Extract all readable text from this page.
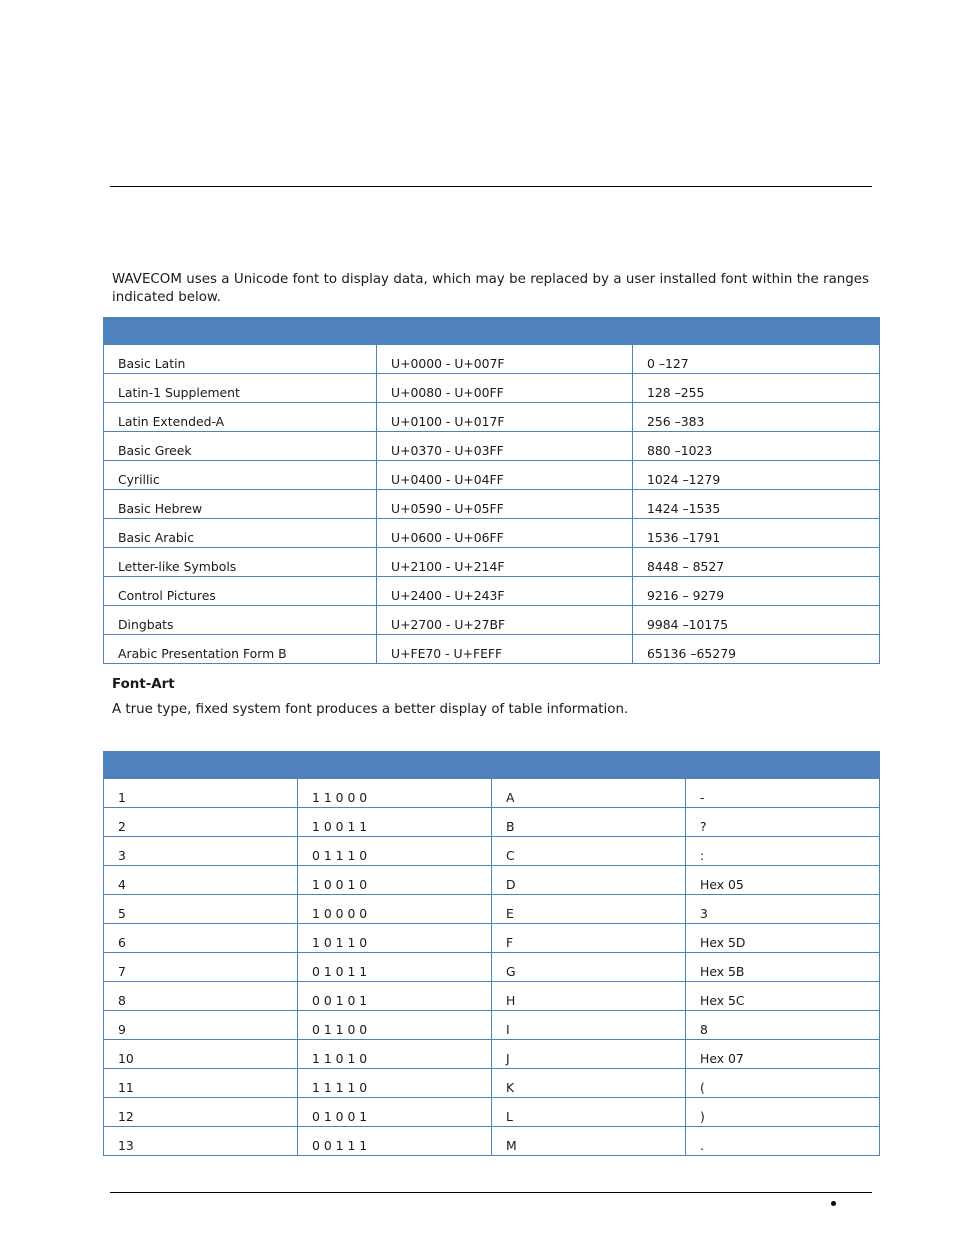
WAVECOM uses a Unicode font to display data, which may be replaced by a user installed font within the ranges indicated below.

Basic Latin	U+0000 - U+007F	0 –127
Latin-1 Supplement	U+0080 - U+00FF	128 –255
Latin Extended-A	U+0100 - U+017F	256 –383
Basic Greek	U+0370 - U+03FF	880 –1023
Cyrillic	U+0400 - U+04FF	1024 –1279
Basic Hebrew	U+0590 - U+05FF	1424 –1535
Basic Arabic	U+0600 - U+06FF	1536 –1791
Letter-like Symbols	U+2100 - U+214F	8448 – 8527
Control Pictures	U+2400 - U+243F	9216 – 9279
Dingbats	U+2700 - U+27BF	9984 –10175
Arabic Presentation Form B	U+FE70 - U+FEFF	65136 –65279

Font-Art

A true type, fixed system font produces a better display of table information.

1	1 1 0 0 0	A	-
2	1 0 0 1 1	B	?
3	0 1 1 1 0	C	:
4	1 0 0 1 0	D	Hex 05
5	1 0 0 0 0	E	3
6	1 0 1 1 0	F	Hex 5D
7	0 1 0 1 1	G	Hex 5B
8	0 0 1 0 1	H	Hex 5C
9	0 1 1 0 0	I	8
10	1 1 0 1 0	J	Hex 07
11	1 1 1 1 0	K	(
12	0 1 0 0 1	L	)
13	0 0 1 1 1	M	.
